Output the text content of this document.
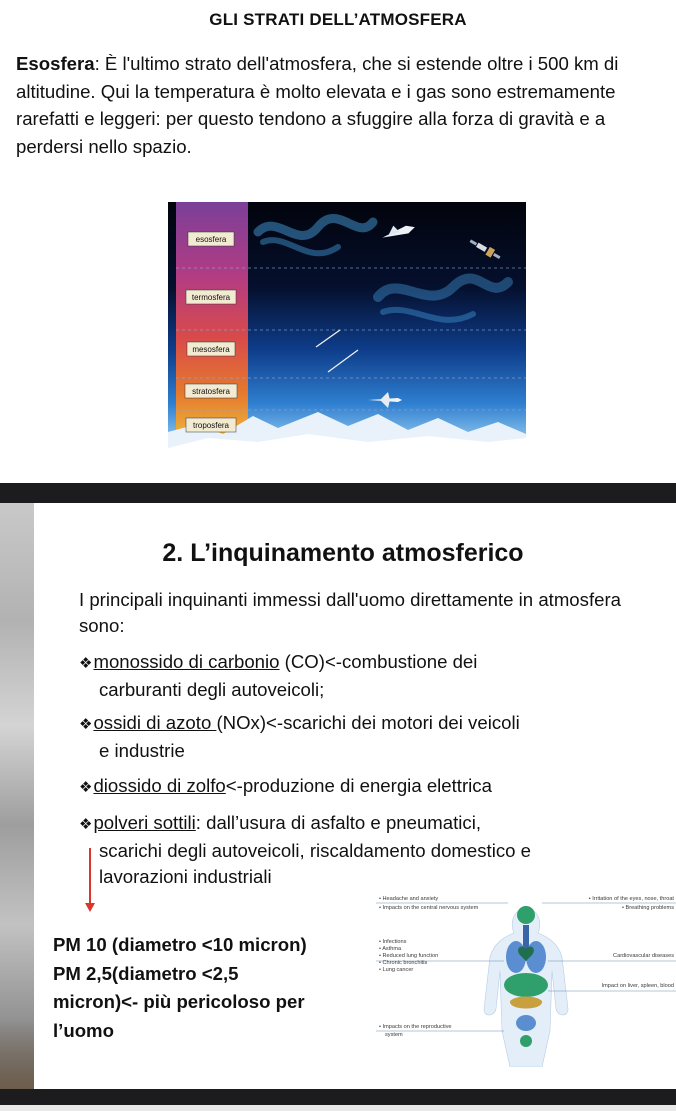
GLI STRATI DELL’ATMOSFERA

Esosfera: È l'ultimo strato dell'atmosfera, che si estende oltre i 500 km di altitudine. Qui la temperatura è molto elevata e i gas sono estremamente rarefatti e leggeri: per questo tendono a sfuggire alla forza di gravità e a perdersi nello spazio.

esosfera
termosfera
mesosfera
stratosfera
troposfera
2. L’inquinamento atmosferico

I principali inquinanti immessi dall'uomo direttamente in atmosfera sono:

❖monossido di carbonio (CO)<-combustione dei
carburanti degli autoveicoli;
❖ossidi di azoto (NOx)<-scarichi dei motori dei veicoli
e industrie
❖diossido di zolfo<-produzione di energia elettrica
❖polveri sottili: dall’usura di asfalto e pneumatici,
scarichi degli autoveicoli, riscaldamento domestico e
lavorazioni industriali
PM 10 (diametro <10 micron)
PM 2,5(diametro <2,5
micron)<- più pericoloso per
l’uomo
• Headache and anxiety
• Impacts on the central nervous system
• Irritation of the eyes, nose, throat
• Breathing problems
• Infections
• Asthma
• Reduced lung function
• Chronic bronchitis
• Lung cancer
Cardiovascular diseases
Impact on liver, spleen, blood
• Impacts on the reproductive
system
